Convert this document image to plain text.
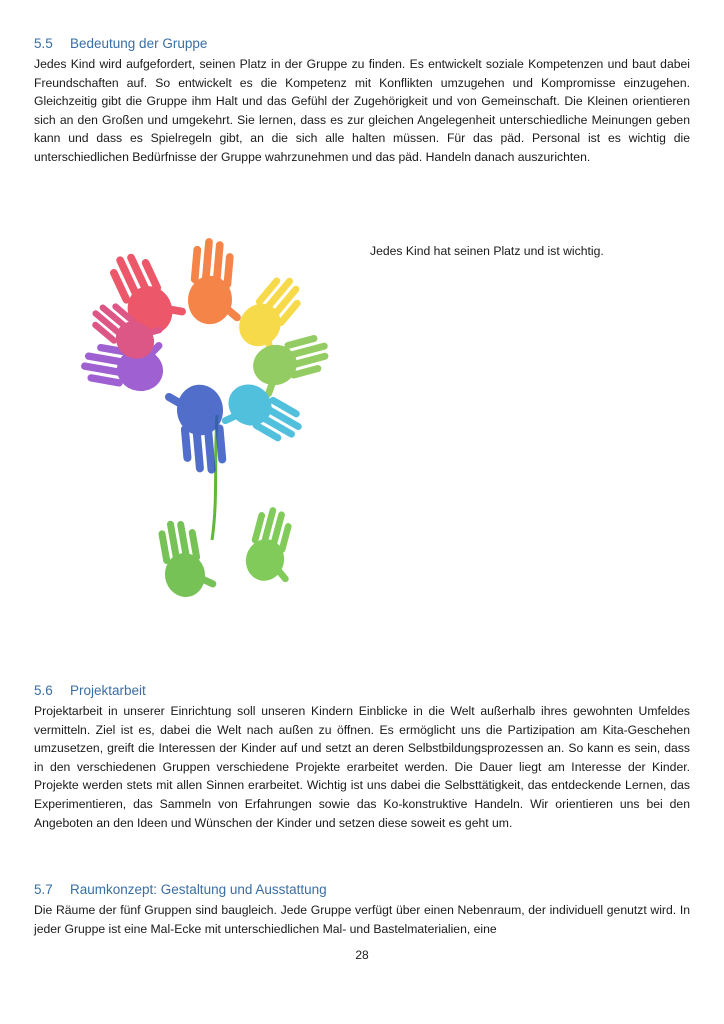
5.5 Bedeutung der Gruppe

Jedes Kind wird aufgefordert, seinen Platz in der Gruppe zu finden. Es entwickelt soziale Kompetenzen und baut dabei Freundschaften auf. So entwickelt es die Kompetenz mit Konflikten umzugehen und Kompromisse einzugehen. Gleichzeitig gibt die Gruppe ihm Halt und das Gefühl der Zugehörigkeit und von Gemeinschaft. Die Kleinen orientieren sich an den Großen und umgekehrt. Sie lernen, dass es zur gleichen Angelegenheit unterschiedliche Meinungen geben kann und dass es Spielregeln gibt, an die sich alle halten müssen. Für das päd. Personal ist es wichtig die unterschiedlichen Bedürfnisse der Gruppe wahrzunehmen und das päd. Handeln danach auszurichten.

Jedes Kind hat seinen Platz und ist wichtig.

5.6 Projektarbeit

Projektarbeit in unserer Einrichtung soll unseren Kindern Einblicke in die Welt außerhalb ihres gewohnten Umfeldes vermitteln. Ziel ist es, dabei die Welt nach außen zu öffnen. Es ermöglicht uns die Partizipation am Kita-Geschehen umzusetzen, greift die Interessen der Kinder auf und setzt an deren Selbstbildungsprozessen an. So kann es sein, dass in den verschiedenen Gruppen verschiedene Projekte erarbeitet werden. Die Dauer liegt am Interesse der Kinder. Projekte werden stets mit allen Sinnen erarbeitet. Wichtig ist uns dabei die Selbsttätigkeit, das entdeckende Lernen, das Experimentieren, das Sammeln von Erfahrungen sowie das Ko-konstruktive Handeln. Wir orientieren uns bei den Angeboten an den Ideen und Wünschen der Kinder und setzen diese soweit es geht um.

5.7 Raumkonzept: Gestaltung und Ausstattung

Die Räume der fünf Gruppen sind baugleich. Jede Gruppe verfügt über einen Nebenraum, der individuell genutzt wird. In jeder Gruppe ist eine Mal-Ecke mit unterschiedlichen Mal- und Bastelmaterialien, eine

28
